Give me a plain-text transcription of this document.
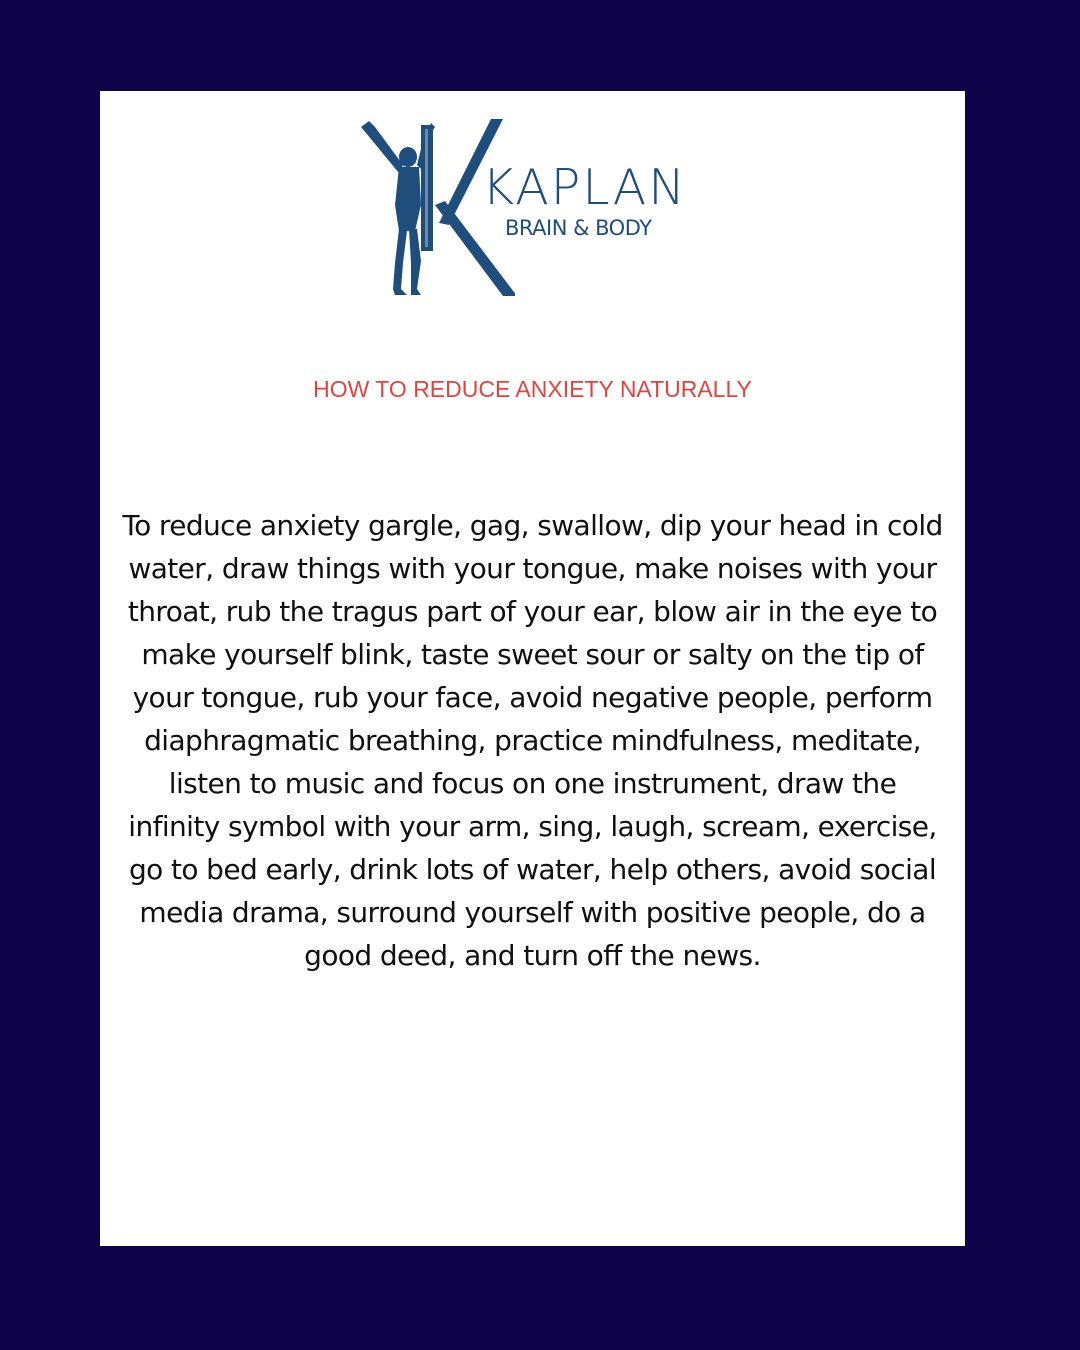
KAPLAN
BRAIN & BODY
HOW TO REDUCE ANXIETY NATURALLY

To reduce anxiety gargle, gag, swallow, dip your head in cold water, draw things with your tongue, make noises with your throat, rub the tragus part of your ear, blow air in the eye to make yourself blink, taste sweet sour or salty on the tip of your tongue, rub your face, avoid negative people, perform diaphragmatic breathing, practice mindfulness, meditate, listen to music and focus on one instrument, draw the infinity symbol with your arm, sing, laugh, scream, exercise, go to bed early, drink lots of water, help others, avoid social media drama, surround yourself with positive people, do a good deed, and turn off the news.
